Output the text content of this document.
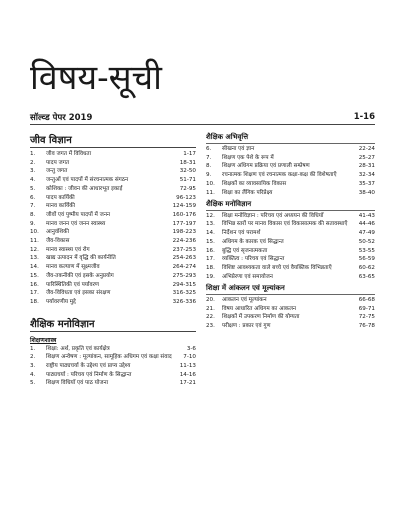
विषय-सूची
सॉल्व्ड पेपर 2019	1-16
जीव विज्ञान
1.	जीव जगत में विविधता	1-17
2.	पादप जगत	18-31
3.	जन्तु जगत	32-50
4.	जन्तुओं एवं पादपों में संरचनात्मक संगठन	51-71
5.	कोशिका : जीवन की आधारभूत इकाई	72-95
6.	पादप कार्यिकी	96-123
7.	मानव कार्यिकी	124-159
8.	जीवों एवं पुष्पीय पादपों में जनन	160-176
9.	मानव जनन एवं जनन स्वास्थ्य	177-197
10.	आनुवंशिकी	198-223
11.	जैव-विकास	224-236
12.	मानव स्वास्थ्य एवं रोग	237-253
13.	खाद्य उत्पादन में वृद्धि की कार्यनीति	254-263
14.	मानव कल्याण में सूक्ष्मजीव	264-274
15.	जैव-तकनीकी एवं इसके अनुप्रयोग	275-293
16.	पारिस्थितिकी एवं पर्यावरण	294-315
17.	जैव-विविधता एवं इसका संरक्षण	316-325
18.	पर्यावरणीय मुद्दे	326-336
शैक्षिक मनोविज्ञान
शिक्षणशास्त्र
1.	शिक्षा: अर्थ, प्रकृति एवं कार्यक्षेत्र	3-6
2.	शिक्षण अन्वेषण : मूल्यांकन, सामूहिक अधिगम एवं कक्षा संवाद	7-10
3.	राष्ट्रीय पाठ्यचर्या के उद्देश्य एवं प्राप्य उद्देश्य	11-13
4.	पाठ्यचर्या : परिचय एवं निर्माण के सिद्धान्त	14-16
5.	शिक्षण विधियाँ एवं पाठ योजना	17-21
शैक्षिक अभिवृत्ति
6.	सीखना एवं ज्ञान	22-24
7.	शिक्षण एक पेशे के रूप में	25-27
8.	शिक्षण अधिगम प्रक्रिया एवं प्रणाली सम्प्रेषण	28-31
9.	रचनात्मक शिक्षण एवं रचनात्मक कक्षा-कक्ष की विशेषताएँ	32-34
10.	शिक्षकों का व्यावसायिक विकास	35-37
11.	शिक्षा का लैंगिक परिप्रेक्ष्य	38-40
शैक्षिक मनोविज्ञान
12.	शिक्षा मनोविज्ञान : परिचय एवं अध्ययन की विधियाँ	41-43
13.	विभिन्न स्तरों पर मानव विकास एवं विकासात्मक की सतावस्थाएँ	44-46
14.	निर्देशन एवं परामर्श	47-49
15.	अधिगम के कारक एवं सिद्धान्त	50-52
16.	बुद्धि एवं सृजनात्मकता	53-55
17.	व्यक्तित्व : परिचय एवं सिद्धान्त	56-59
18.	विशिष्ट आवश्यकता वाले बच्चे एवं वैयक्तिक विभिन्नताएँ	60-62
19.	अभिप्रेरणा एवं समायोजन	63-65
शिक्षा में आंकलन एवं मूल्यांकन
20.	आकलन एवं मूल्यांकन	66-68
21.	विषय आधारित अधिगम का आकलन	69-71
22.	शिक्षकों में उपकरण निर्माण की योग्यता	72-75
23.	परीक्षण : प्रकार एवं गुण	76-78
